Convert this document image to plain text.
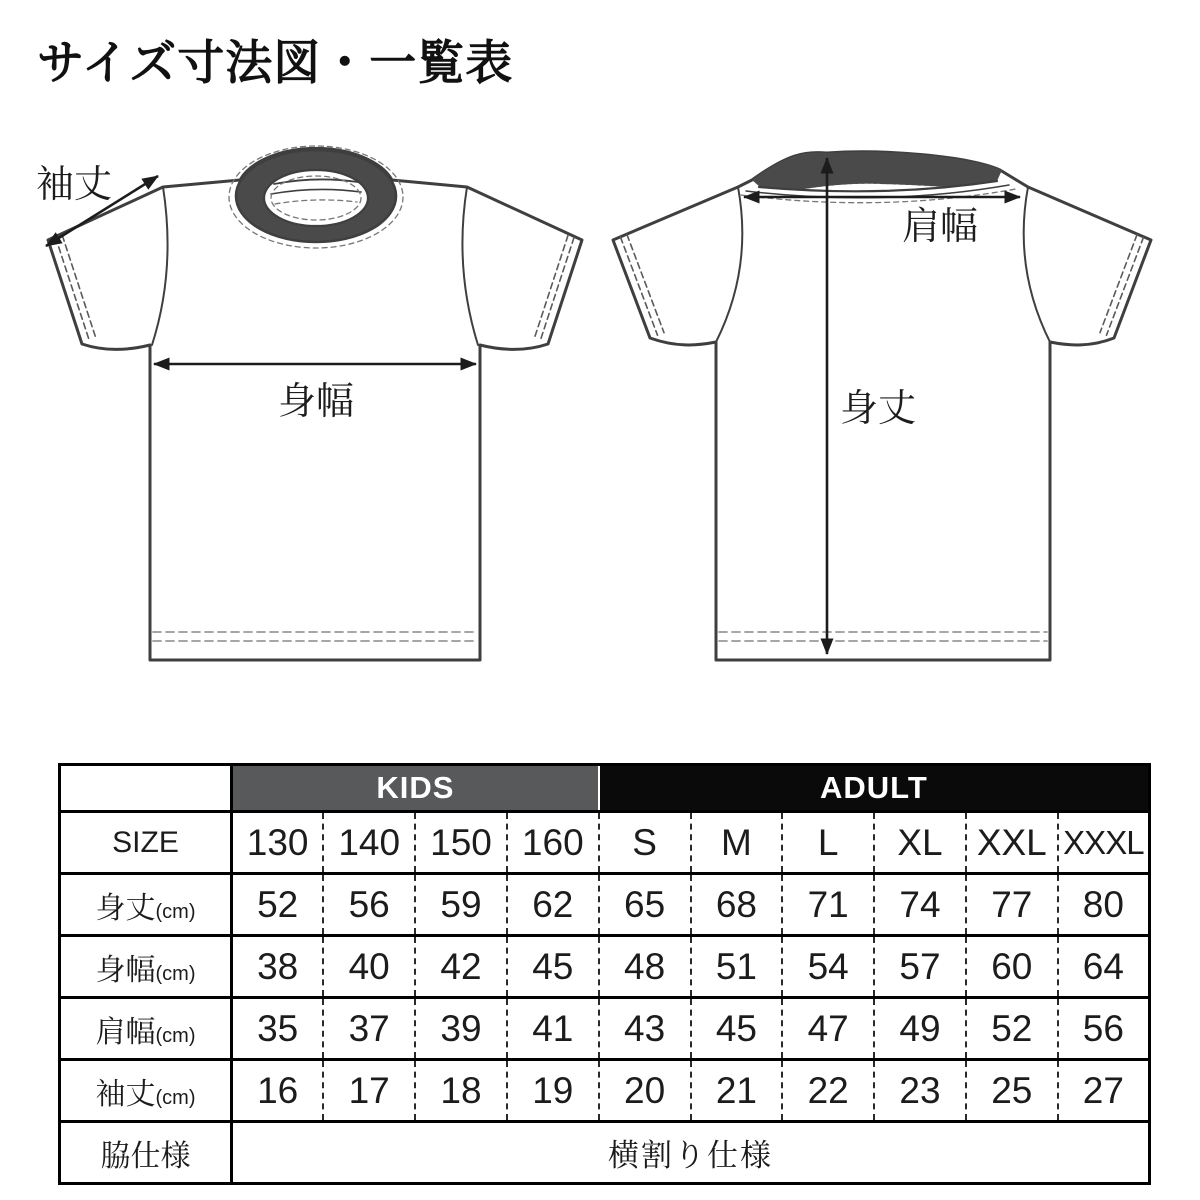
サイズ寸法図・一覧表
袖丈
身幅
肩幅
身丈
	KIDS				ADULT					
SIZE	130	140	150	160	S	M	L	XL	XXL	XXXL
身丈(cm)	52	56	59	62	65	68	71	74	77	80
身幅(cm)	38	40	42	45	48	51	54	57	60	64
肩幅(cm)	35	37	39	41	43	45	47	49	52	56
袖丈(cm)	16	17	18	19	20	21	22	23	25	27
脇仕様	横割り仕様									
